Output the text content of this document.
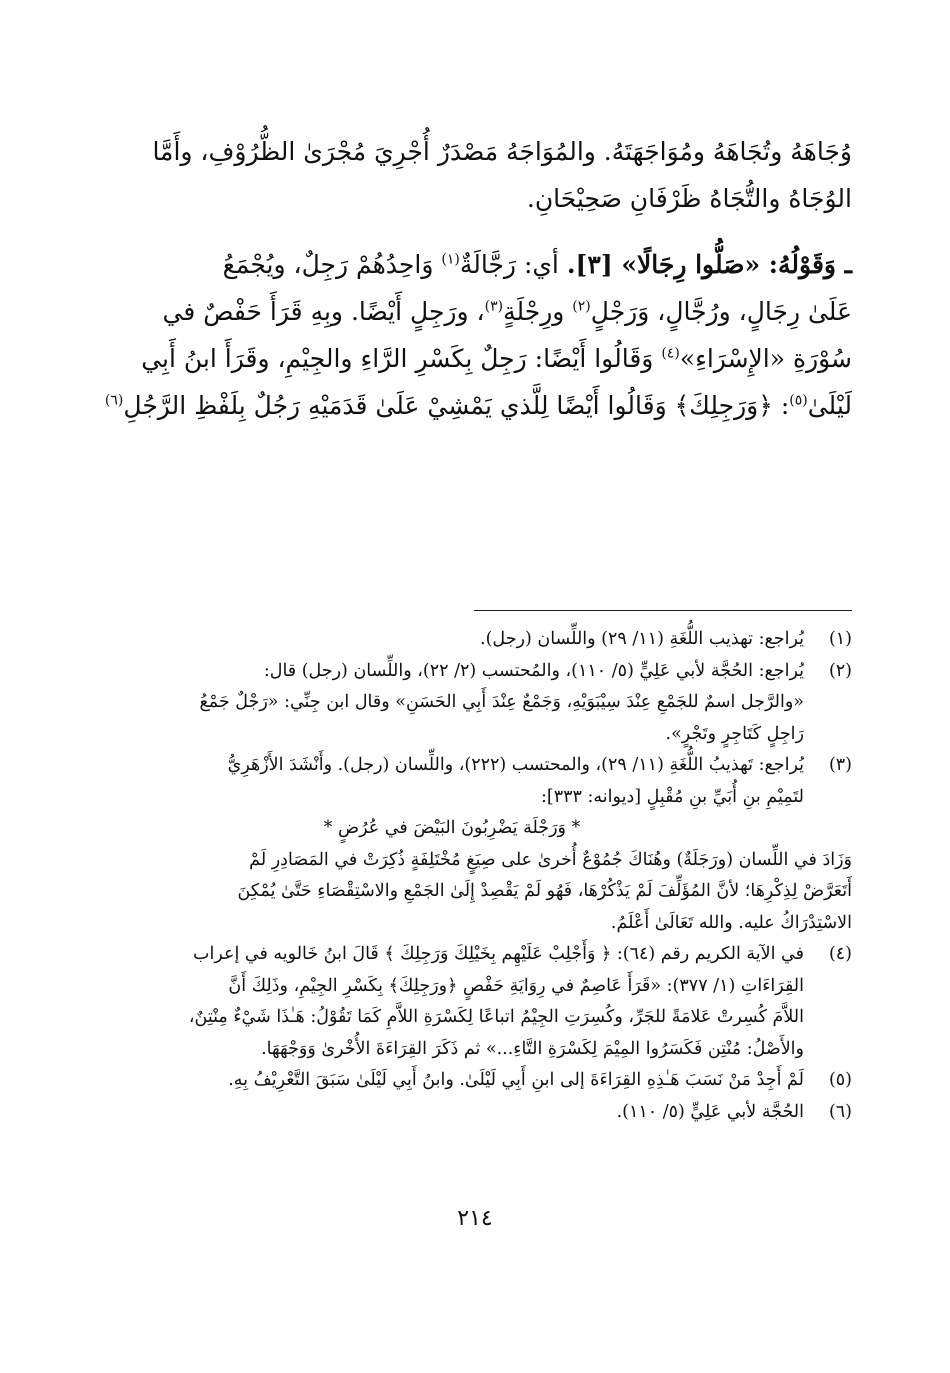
وُجَاهَهُ وتُجَاهَهُ ومُوَاجَهَتَهُ. والمُوَاجَهُ مَصْدَرٌ أُجْرِيَ مُجْرَىٰ الظُّرُوْفِ، وأَمَّا
الوُجَاهُ والتُّجَاهُ ظَرْفَانِ صَحِيْحَانِ.

ـ وَقَوْلُهُ: «صَلُّوا رِجَالًا» [٣]. أي: رَجَّالَةٌ$^{(١)}$ وَاحِدُهُمْ رَجِلٌ، ويُجْمَعُ
عَلَىٰ رِجَالٍ، ورُجَّالٍ، وَرَجْلٍ$^{(٢)}$ ورِجْلَةٍ$^{(٣)}$، ورَجِلٍ أَيْضًا. وبِهِ قَرَأَ حَفْصٌ في
سُوْرَةِ «الإِسْرَاءِ»$^{(٤)}$ وَقَالُوا أَيْضًا: رَجِلٌ بِكَسْرِ الرَّاءِ والجِيْمِ، وقَرَأَ ابنُ أَبِي
لَيْلَىٰ$^{(٥)}$: ﴿وَرَجِلِكَ﴾ وَقَالُوا أَيْضًا لِلَّذي يَمْشِيْ عَلَىٰ قَدَمَيْهِ رَجُلٌ بِلَفْظِ الرَّجُلِ$^{(٦)}$

(١)
يُراجع: تهذيب اللُّغَةِ (١١/ ٢٩) واللِّسان (رجل).
(٢)
يُراجع: الحُجَّة لأبي عَلِيٍّ (٥/ ١١٠)، والمُحتسب (٢/ ٢٢)، واللِّسان (رجل) قال:
«والرَّجل اسمٌ للجَمْعِ عِنْدَ سِيْبَوَيْهِ، وَجَمْعٌ عِنْدَ أَبِي الحَسَنِ» وقال ابن جِنِّي: «رَجْلٌ جَمْعُ
رَاجِلٍ كَتَاجِرٍ وتَجْرٍ».
(٣)
يُراجع: تَهذيبُ اللُّغَةِ (١١/ ٢٩)، والمحتسب (٢٢٢)، واللِّسان (رجل). وأَنْشَدَ الأَزْهَرِيُّ
لتَمِيْمِ بنِ أُبَيِّ بنِ مُقْبِلٍ [ديوانه: ٣٣٣]:

* وَرَجْلَة يَضْرِبُونَ البَيْضَ في عُرُضٍ *

وَزَادَ في اللِّسان (ورَجَلَةٌ) وهُنَاكَ جُمُوْعٌ أُخرىٰ على صِيَغٍ مُخْتَلِفَةٍ ذُكِرَتْ في المَصَادِرِ لَمْ
أَتَعَرَّضْ لِذِكْرِهَا؛ لأنَّ المُؤَلِّفَ لَمْ يَذْكُرْهَا، فَهُو لَمْ يَقْصِدْ إِلَىٰ الجَمْعِ والاسْتِقْصَاءِ حَتَّىٰ يُمْكِنَ
الاسْتِدْرَاكُ عليه. والله تَعَالَىٰ أَعْلَمُ.
(٤)
في الآية الكريم رقم (٦٤): ﴿ وَأَجْلِبْ عَلَيْهِم بِخَيْلِكَ وَرَجِلِكَ ﴾ قَالَ ابنُ خَالويه في إعراب
القِرَاءَاتِ (١/ ٣٧٧): «قَرَأَ عَاصِمٌ في رِوَايَةِ حَفْصٍ ﴿ورَجِلِكَ﴾ بِكَسْرِ الجِيْمِ، وذَلِكَ أَنَّ
اللاَّمَ كُسِرتْ عَلامَةً للجَرِّ، وكُسِرَتِ الجِيْمُ اتباعًا لِكَسْرَةِ اللاَّمِ كَمَا تَقُوْلُ: هَـٰذَا شَيْءٌ مِنْتِنٌ،
والأَصْلُ: مُنْتِن فَكَسَرُوا المِيْمَ لِكَسْرَةِ التَّاءِ...» ثم ذَكَرَ القِرَاءَةَ الأُخْرىٰ وَوَجْهَهَا.
(٥)
لَمْ أَجِدْ مَنْ نَسَبَ هَـٰذِهِ القِرَاءَةَ إلى ابنِ أَبِي لَيْلَىٰ. وابنُ أَبِي لَيْلَىٰ سَبَقَ التَّعْرِيْفُ بِهِ.
(٦)
الحُجَّة لأبي عَلِيٍّ (٥/ ١١٠).
٢١٤
